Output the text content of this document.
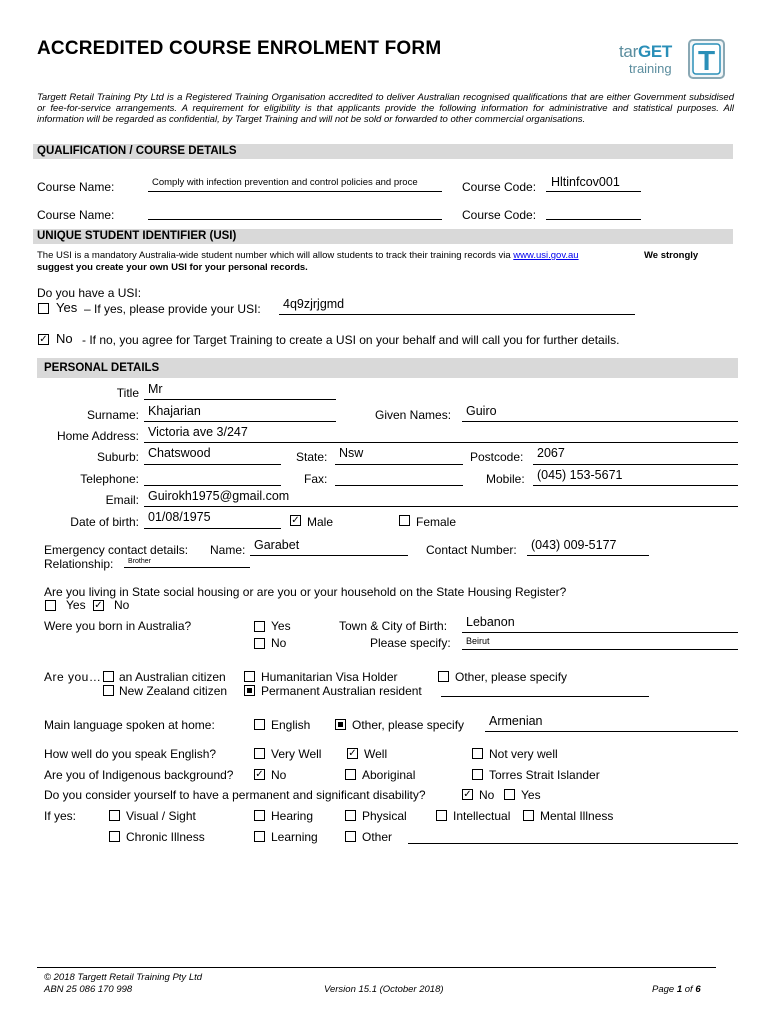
ACCREDITED COURSE ENROLMENT FORM	tarGET
training T
Targett Retail Training Pty Ltd is a Registered Training Organisation accredited to deliver Australian recognised qualifications that are either Government subsidised or fee-for-service arrangements. A requirement for eligibility is that applicants provide the following information for administrative and statistical purposes. All information will be regarded as confidential, by Target Training and will not be sold or forwarded to other commercial organisations.
QUALIFICATION / COURSE DETAILS
Course Name:	Comply with infection prevention and control policies and proce	Course Code: Hltinfcov001
Course Name:	Course Code:
UNIQUE STUDENT IDENTIFIER (USI)
The USI is a mandatory Australia-wide student number which will allow students to track their training records via www.usi.gov.au	We strongly
suggest you create your own USI for your personal records.
Do you have a USI:
Yes – If yes, please provide your USI: 4q9zjrjgmd
✓ No - If no, you agree for Target Training to create a USI on your behalf and will call you for further details.
PERSONAL DETAILS
Title Mr
Surname: Khajarian	Given Names: Guiro
Home Address: Victoria ave 3/247
Suburb: Chatswood	State: Nsw	Postcode: 2067
Telephone:	Fax:	Mobile: (045) 153-5671
Email: Guirokh1975@gmail.com
Date of birth: 01/08/1975	✓ Male	Female
Emergency contact details: Name: Garabet	Contact Number: (043) 009-5177
Relationship: Brother
Are you living in State social housing or are you or your household on the State Housing Register?
Yes ✓ No
Were you born in Australia?	Yes
No
Town & City of Birth: Lebanon
Please specify: Beirut
Are you… an Australian citizen	Humanitarian Visa Holder	Other, please specify
New Zealand citizen	Permanent Australian resident
Main language spoken at home:	English	Other, please specify Armenian
How well do you speak English?	Very Well	✓ Well	Not very well
Are you of Indigenous background? ✓ No	Aboriginal	Torres Strait Islander
Do you consider yourself to have a permanent and significant disability?	✓ No Yes
If yes:	Visual / Sight	Hearing	Physical	Intellectual Mental Illness
Chronic Illness	Learning	Other
© 2018 Targett Retail Training Pty Ltd
ABN 25 086 170 998	Version 15.1 (October 2018)	Page 1 of 6
